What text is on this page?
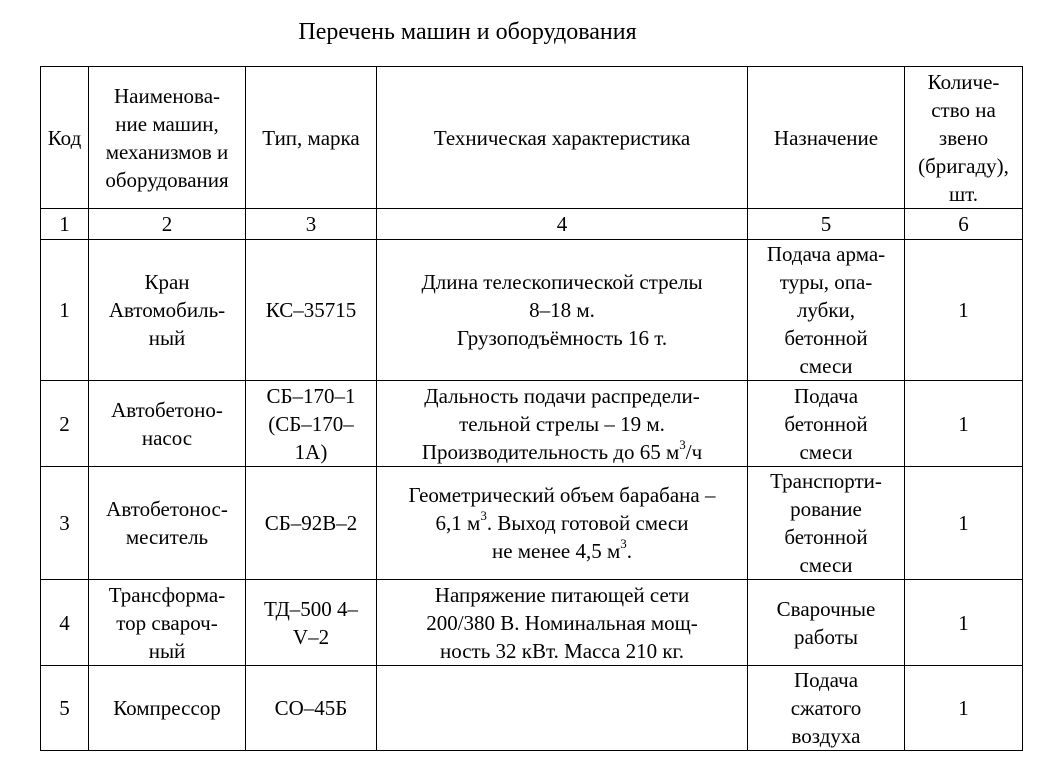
Перечень машин и оборудования
Код	Наименова-
ние машин,
механизмов и
оборудования	Тип, марка	Техническая характеристика	Назначение	Количе-
ство на
звено
(бригаду),
шт.
1	2	3	4	5	6
1	Кран
Автомобиль-
ный	КС–35715	Длина телескопической стрелы
8–18 м.
Грузоподъёмность 16 т.	Подача арма-
туры, опа-
лубки,
бетонной
смеси	1
2	Автобетоно-
насос	СБ–170–1
(СБ–170–
1А)	Дальность подачи распредели-
тельной стрелы – 19 м.
Производительность до 65 $м^3/ч$	Подача
бетонной
смеси	1
3	Автобетонос-
меситель	СБ–92В–2	Геометрический объем барабана –
6,1 $м^3$. Выход готовой смеси
не менее 4,5 $м^3$.	Транспорти-
рование
бетонной
смеси	1
4	Трансформа-
тор свароч-
ный	ТД–500 4–
V–2	Напряжение питающей сети
200/380 В. Номинальная мощ-
ность 32 кВт. Масса 210 кг.	Сварочные
работы	1
5	Компрессор	СО–45Б		Подача
сжатого
воздуха	1
